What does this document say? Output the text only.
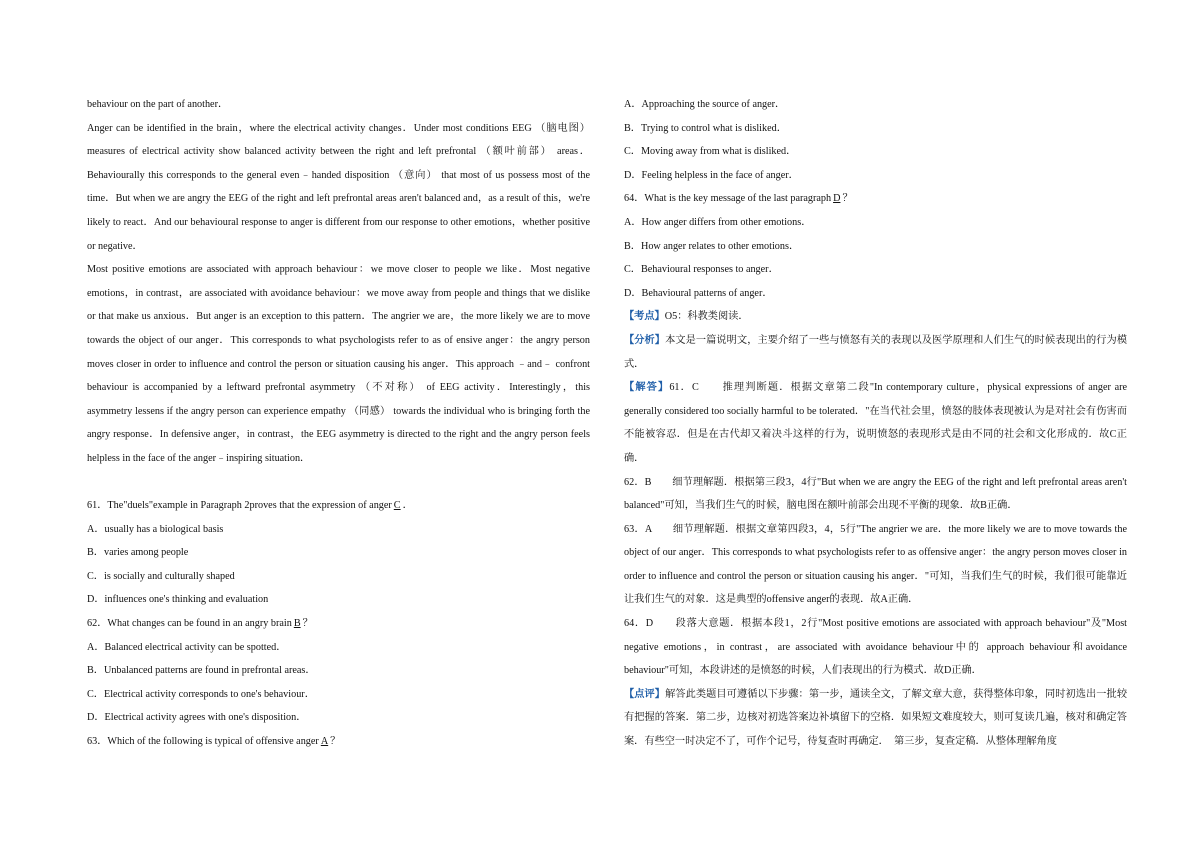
behaviour on the part of another．
Anger can be identified in the brain，where the electrical activity changes．Under most conditions EEG （脑电图） measures of electrical activity show balanced activity between the right and left prefrontal （额叶前部） areas．Behaviourally this corresponds to the general even﹣handed disposition （意向） that most of us possess most of the time．But when we are angry the EEG of the right and left prefrontal areas aren't balanced and，as a result of this，we're likely to react．And our behavioural response to anger is different from our response to other emotions，whether positive or negative．
Most positive emotions are associated with approach behaviour：we move closer to people we like．Most negative emotions，in contrast，are associated with avoidance behaviour：we move away from people and things that we dislike or that make us anxious．But anger is an exception to this pattern．The angrier we are，the more likely we are to move towards the object of our anger．This corresponds to what psychologists refer to as of ensive anger：the angry person moves closer in order to influence and control the person or situation causing his anger．This approach ﹣and﹣ confront behaviour is accompanied by a leftward prefrontal asymmetry （不对称） of EEG activity．Interestingly，this asymmetry lessens if the angry person can experience empathy （同感） towards the individual who is bringing forth the angry response．In defensive anger，in contrast，the EEG asymmetry is directed to the right and the angry person feels helpless in the face of the anger﹣inspiring situation．
61．The"duels"example in Paragraph 2proves that the expression of anger C ．
A．usually has a biological basis
B．varies among people
C．is socially and culturally shaped
D．influences one's thinking and evaluation
62．What changes can be found in an angry brain B ？
A．Balanced electrical activity can be spotted．
B．Unbalanced patterns are found in prefrontal areas．
C．Electrical activity corresponds to one's behaviour．
D．Electrical activity agrees with one's disposition．
63．Which of the following is typical of offensive anger A ？
A．Approaching the source of anger．
B．Trying to control what is disliked．
C．Moving away from what is disliked．
D．Feeling helpless in the face of anger．
64．What is the key message of the last paragraph D ？
A．How anger differs from other emotions．
B．How anger relates to other emotions．
C．Behavioural responses to anger．
D．Behavioural patterns of anger．
【考点】O5：科教类阅读．
【分析】本文是一篇说明文，主要介绍了一些与愤怒有关的表现以及医学原理和人们生气的时候表现出的行为模式．
【解答】61．C　　推理判断题．根据文章第二段"In contemporary culture，physical expressions of anger are generally considered too socially harmful to be tolerated．"在当代社会里，愤怒的肢体表现被认为是对社会有伤害而不能被容忍．但是在古代却又着决斗这样的行为，说明愤怒的表现形式是由不同的社会和文化形成的．故C正确．
62．B　　细节理解题．根据第三段3，4行"But when we are angry the EEG of the right and left prefrontal areas aren't balanced"可知，当我们生气的时候，脑电图在额叶前部会出现不平衡的现象．故B正确．
63．A　　细节理解题．根据文章第四段3，4，5行"The angrier we are．the more likely we are to move towards the object of our anger．This corresponds to what psychologists refer to as offensive anger：the angry person moves closer in order to influence and control the person or situation causing his anger．"可知，当我们生气的时候，我们很可能靠近让我们生气的对象．这是典型的offensive anger的表现．故A正确．
64．D　　段落大意题．根据本段1，2行"Most positive emotions are associated with approach behaviour"及"Most negative emotions，in contrast，are associated with avoidance behaviour中的 approach behaviour和avoidance behaviour"可知，本段讲述的是愤怒的时候，人们表现出的行为模式．故D正确．
【点评】解答此类题目可遵循以下步骤：第一步，通读全文，了解文章大意，获得整体印象，同时初选出一批较有把握的答案．第二步，边核对初选答案边补填留下的空格．如果短文难度较大，则可复读几遍，核对和确定答案．有些空一时决定不了，可作个记号，待复查时再确定．　第三步，复查定稿．从整体理解角度
